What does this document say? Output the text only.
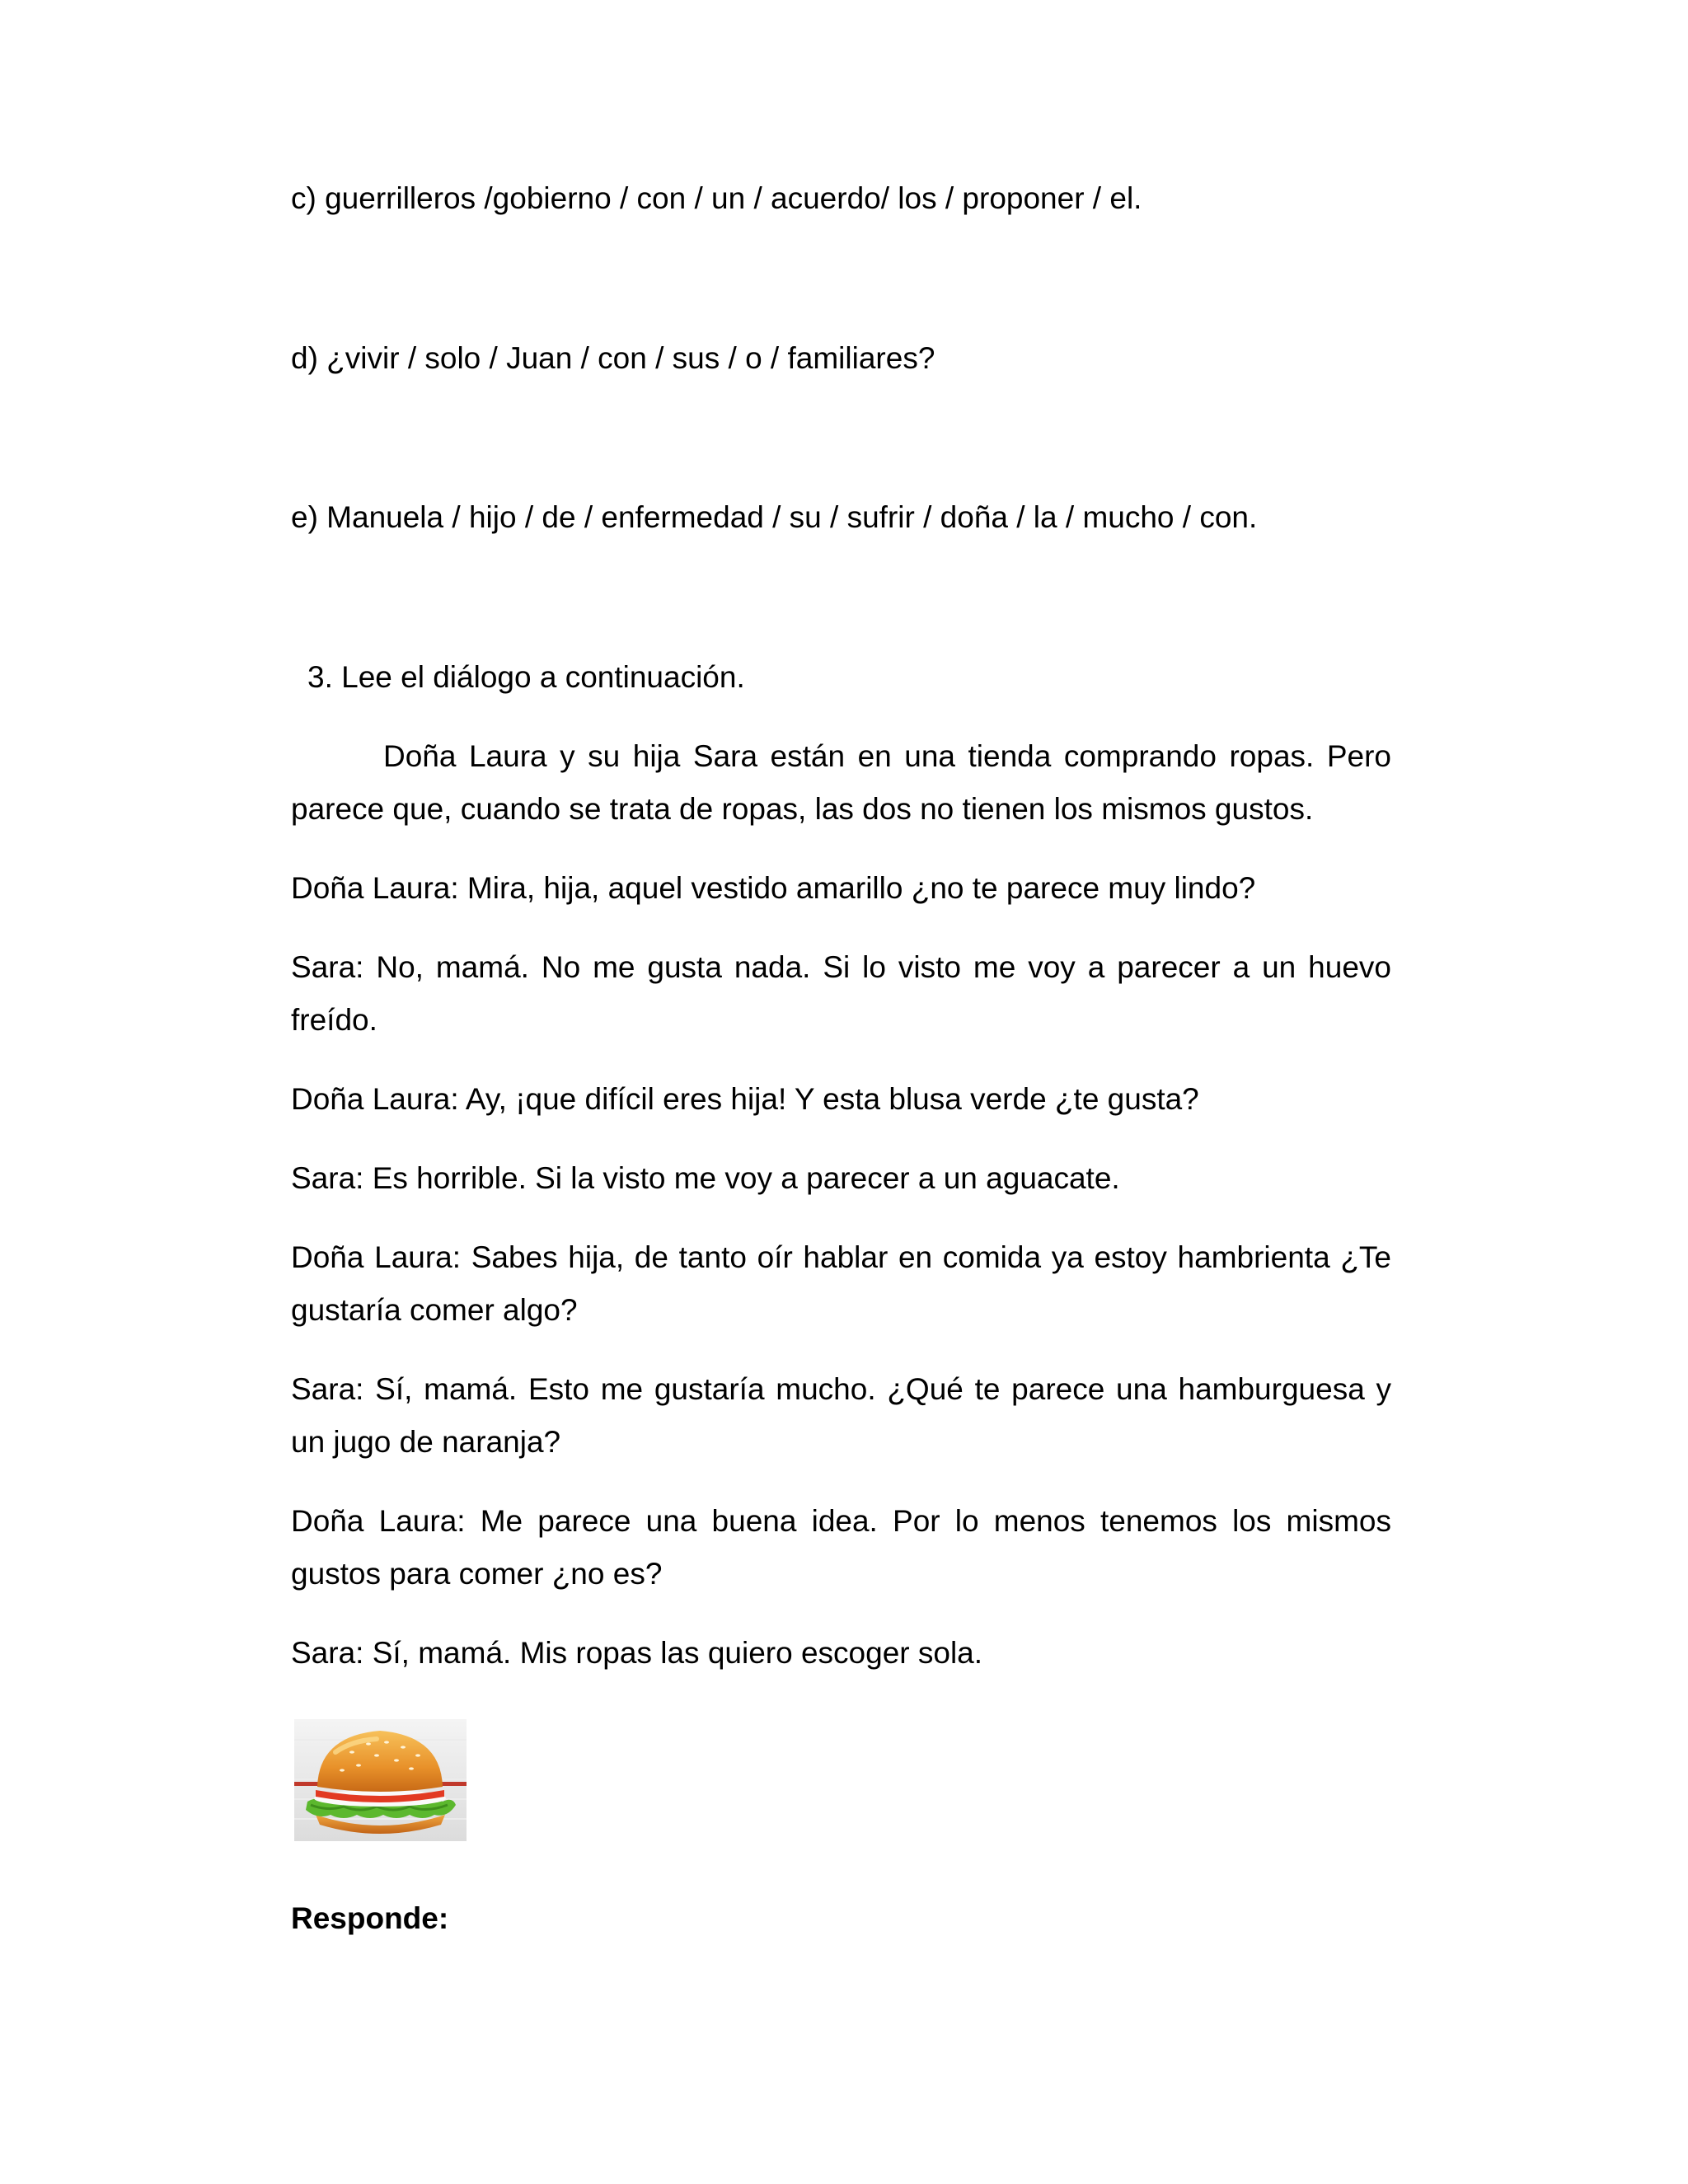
c) guerrilleros /gobierno / con / un / acuerdo/ los / proponer / el.
d) ¿vivir / solo / Juan / con / sus / o / familiares?
e) Manuela / hijo / de / enfermedad / su / sufrir / doña / la / mucho / con.
3. Lee el diálogo a continuación.
Doña Laura y su hija Sara están en una tienda comprando ropas. Pero
parece que, cuando se trata de ropas, las dos no tienen los mismos gustos.
Doña Laura: Mira, hija, aquel vestido amarillo ¿no te parece muy lindo?
Sara: No, mamá. No me gusta nada. Si lo visto me voy a parecer a un huevo
freído.
Doña Laura: Ay, ¡que difícil eres hija! Y esta blusa verde ¿te gusta?
Sara: Es horrible. Si la visto me voy a parecer a un aguacate.
Doña Laura: Sabes hija, de tanto oír hablar en comida ya estoy hambrienta ¿Te
gustaría comer algo?
Sara: Sí, mamá. Esto me gustaría mucho. ¿Qué te parece una hamburguesa y
un jugo de naranja?
Doña Laura: Me parece una buena idea. Por lo menos tenemos los mismos
gustos para comer ¿no es?
Sara: Sí, mamá. Mis ropas las quiero escoger sola.
Responde:
